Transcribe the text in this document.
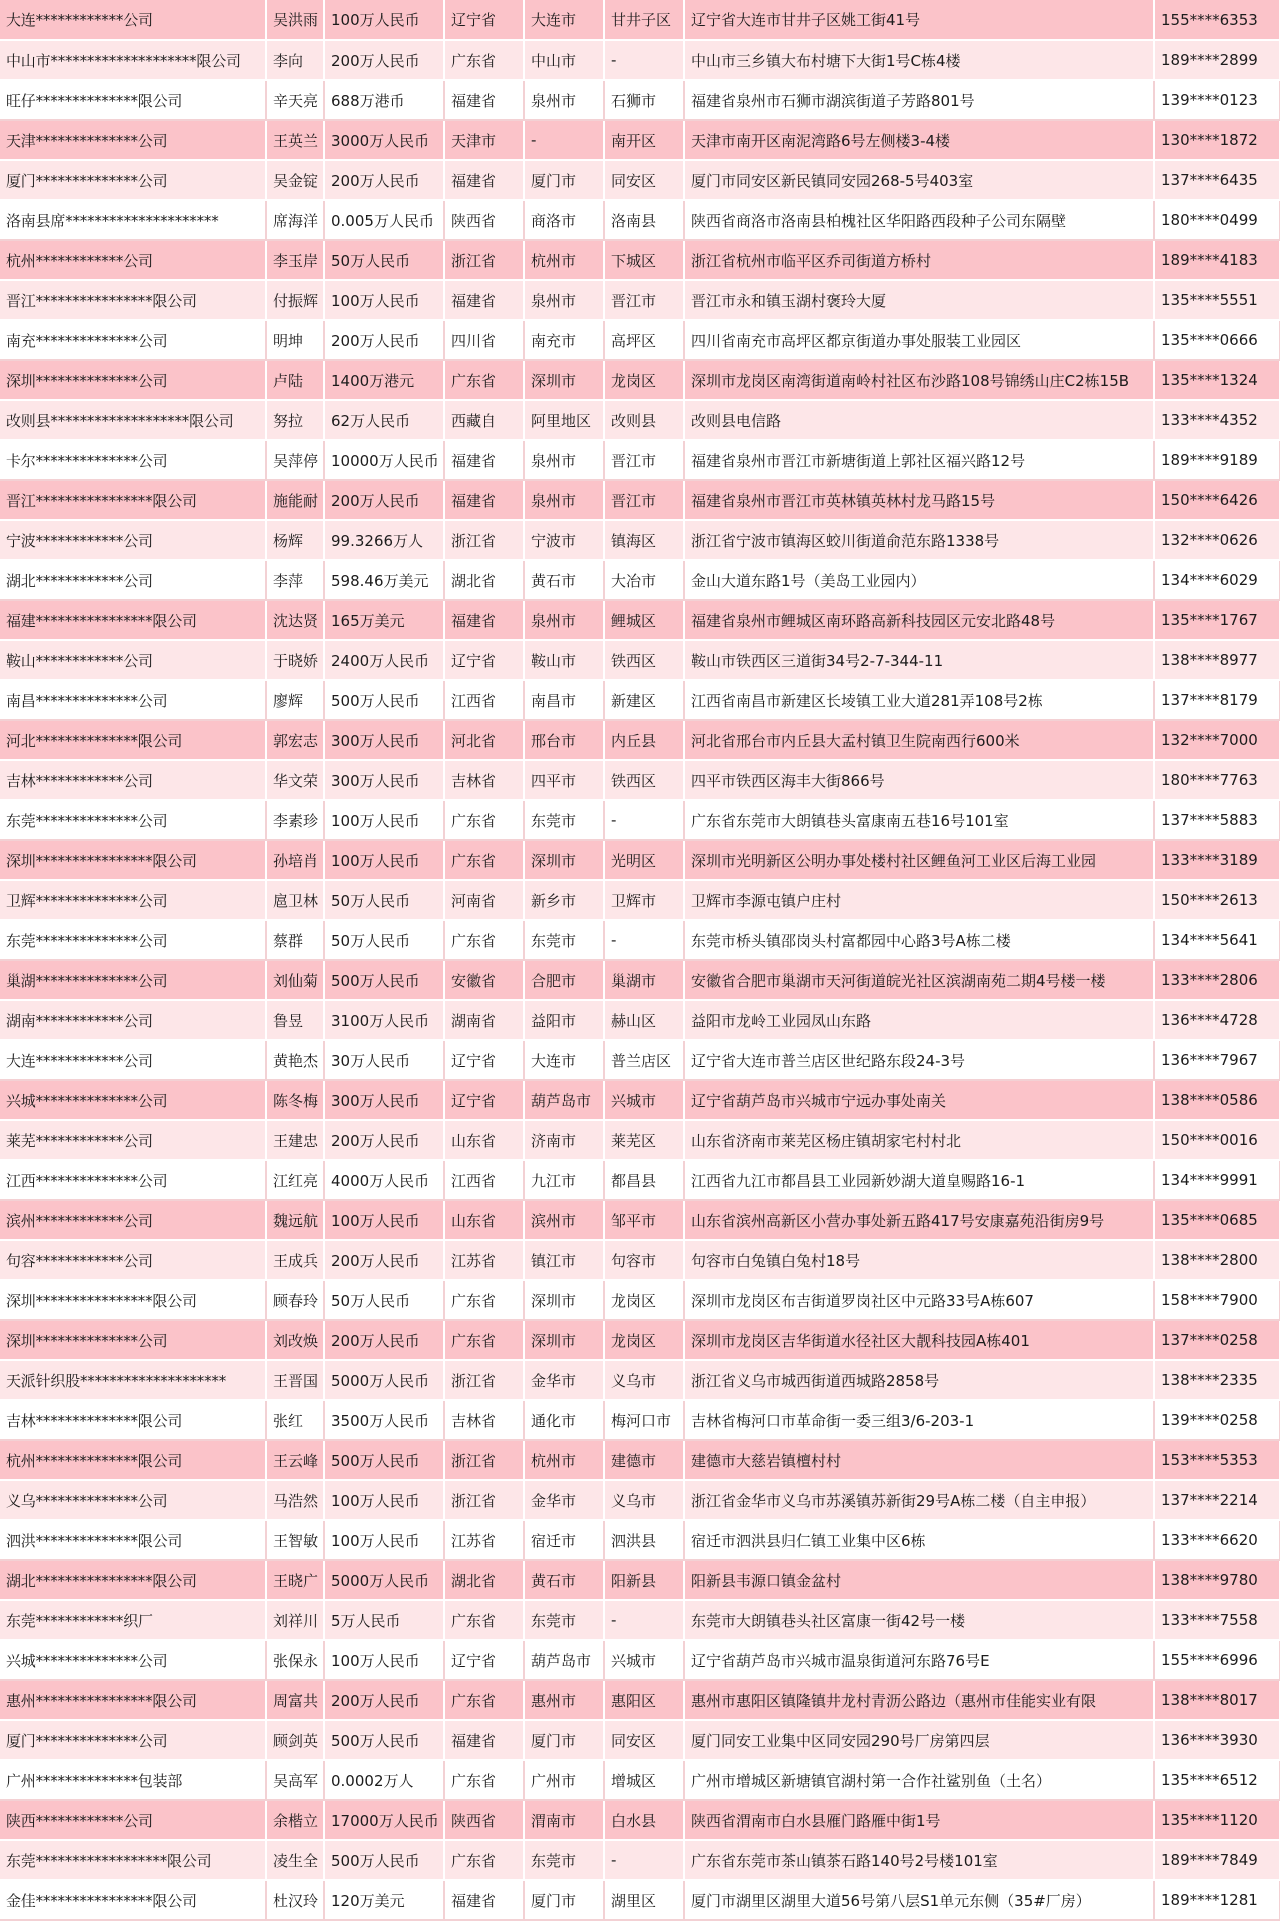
大连************公司	吴洪雨	100万人民币	辽宁省	大连市	甘井子区	辽宁省大连市甘井子区姚工街41号	155****6353
中山市********************限公司	李向	200万人民币	广东省	中山市	-	中山市三乡镇大布村塘下大街1号C栋4楼	189****2899
旺仔**************限公司	辛天亮	688万港币	福建省	泉州市	石狮市	福建省泉州市石狮市湖滨街道子芳路801号	139****0123
天津**************公司	王英兰	3000万人民币	天津市	-	南开区	天津市南开区南泥湾路6号左侧楼3-4楼	130****1872
厦门**************公司	吴金锭	200万人民币	福建省	厦门市	同安区	厦门市同安区新民镇同安园268-5号403室	137****6435
洛南县席*********************	席海洋	0.005万人民币	陕西省	商洛市	洛南县	陕西省商洛市洛南县柏槐社区华阳路西段种子公司东隔壁	180****0499
杭州************公司	李玉岸	50万人民币	浙江省	杭州市	下城区	浙江省杭州市临平区乔司街道方桥村	189****4183
晋江****************限公司	付振辉	100万人民币	福建省	泉州市	晋江市	晋江市永和镇玉湖村褒玲大厦	135****5551
南充**************公司	明坤	200万人民币	四川省	南充市	高坪区	四川省南充市高坪区都京街道办事处服装工业园区	135****0666
深圳**************公司	卢陆	1400万港元	广东省	深圳市	龙岗区	深圳市龙岗区南湾街道南岭村社区布沙路108号锦绣山庄C2栋15B	135****1324
改则县*******************限公司	努拉	62万人民币	西藏自	阿里地区	改则县	改则县电信路	133****4352
卡尔**************公司	吴萍停	10000万人民币	福建省	泉州市	晋江市	福建省泉州市晋江市新塘街道上郭社区福兴路12号	189****9189
晋江****************限公司	施能耐	200万人民币	福建省	泉州市	晋江市	福建省泉州市晋江市英林镇英林村龙马路15号	150****6426
宁波************公司	杨辉	99.3266万人	浙江省	宁波市	镇海区	浙江省宁波市镇海区蛟川街道俞范东路1338号	132****0626
湖北************公司	李萍	598.46万美元	湖北省	黄石市	大冶市	金山大道东路1号（美岛工业园内）	134****6029
福建****************限公司	沈达贤	165万美元	福建省	泉州市	鲤城区	福建省泉州市鲤城区南环路高新科技园区元安北路48号	135****1767
鞍山************公司	于晓娇	2400万人民币	辽宁省	鞍山市	铁西区	鞍山市铁西区三道街34号2-7-344-11	138****8977
南昌**************公司	廖辉	500万人民币	江西省	南昌市	新建区	江西省南昌市新建区长堎镇工业大道281弄108号2栋	137****8179
河北**************限公司	郭宏志	300万人民币	河北省	邢台市	内丘县	河北省邢台市内丘县大孟村镇卫生院南西行600米	132****7000
吉林************公司	华文荣	300万人民币	吉林省	四平市	铁西区	四平市铁西区海丰大街866号	180****7763
东莞**************公司	李素珍	100万人民币	广东省	东莞市	-	广东省东莞市大朗镇巷头富康南五巷16号101室	137****5883
深圳****************限公司	孙培肖	100万人民币	广东省	深圳市	光明区	深圳市光明新区公明办事处楼村社区鲤鱼河工业区后海工业园	133****3189
卫辉**************公司	扈卫林	50万人民币	河南省	新乡市	卫辉市	卫辉市李源屯镇户庄村	150****2613
东莞**************公司	蔡群	50万人民币	广东省	东莞市	-	东莞市桥头镇邵岗头村富都园中心路3号A栋二楼	134****5641
巢湖**************公司	刘仙菊	500万人民币	安徽省	合肥市	巢湖市	安徽省合肥市巢湖市天河街道皖光社区滨湖南苑二期4号楼一楼	133****2806
湖南************公司	鲁昱	3100万人民币	湖南省	益阳市	赫山区	益阳市龙岭工业园凤山东路	136****4728
大连************公司	黄艳杰	30万人民币	辽宁省	大连市	普兰店区	辽宁省大连市普兰店区世纪路东段24-3号	136****7967
兴城**************公司	陈冬梅	300万人民币	辽宁省	葫芦岛市	兴城市	辽宁省葫芦岛市兴城市宁远办事处南关	138****0586
莱芜************公司	王建忠	200万人民币	山东省	济南市	莱芜区	山东省济南市莱芜区杨庄镇胡家宅村村北	150****0016
江西**************公司	江红亮	4000万人民币	江西省	九江市	都昌县	江西省九江市都昌县工业园新妙湖大道皇赐路16-1	134****9991
滨州************公司	魏远航	100万人民币	山东省	滨州市	邹平市	山东省滨州高新区小营办事处新五路417号安康嘉苑沿街房9号	135****0685
句容************公司	王成兵	200万人民币	江苏省	镇江市	句容市	句容市白兔镇白兔村18号	138****2800
深圳****************限公司	顾春玲	50万人民币	广东省	深圳市	龙岗区	深圳市龙岗区布吉街道罗岗社区中元路33号A栋607	158****7900
深圳**************公司	刘改焕	200万人民币	广东省	深圳市	龙岗区	深圳市龙岗区吉华街道水径社区大靓科技园A栋401	137****0258
天派针织股********************	王晋国	5000万人民币	浙江省	金华市	义乌市	浙江省义乌市城西街道西城路2858号	138****2335
吉林**************限公司	张红	3500万人民币	吉林省	通化市	梅河口市	吉林省梅河口市革命街一委三组3/6-203-1	139****0258
杭州**************限公司	王云峰	500万人民币	浙江省	杭州市	建德市	建德市大慈岩镇檀村村	153****5353
义乌**************公司	马浩然	100万人民币	浙江省	金华市	义乌市	浙江省金华市义乌市苏溪镇苏新街29号A栋二楼（自主申报）	137****2214
泗洪**************限公司	王智敏	100万人民币	江苏省	宿迁市	泗洪县	宿迁市泗洪县归仁镇工业集中区6栋	133****6620
湖北****************限公司	王晓广	5000万人民币	湖北省	黄石市	阳新县	阳新县韦源口镇金盆村	138****9780
东莞************织厂	刘祥川	5万人民币	广东省	东莞市	-	东莞市大朗镇巷头社区富康一街42号一楼	133****7558
兴城**************公司	张保永	100万人民币	辽宁省	葫芦岛市	兴城市	辽宁省葫芦岛市兴城市温泉街道河东路76号E	155****6996
惠州****************限公司	周富共	200万人民币	广东省	惠州市	惠阳区	惠州市惠阳区镇隆镇井龙村青沥公路边（惠州市佳能实业有限	138****8017
厦门**************公司	顾剑英	500万人民币	福建省	厦门市	同安区	厦门同安工业集中区同安园290号厂房第四层	136****3930
广州**************包装部	吴高军	0.0002万人	广东省	广州市	增城区	广州市增城区新塘镇官湖村第一合作社鲨别鱼（土名）	135****6512
陕西************公司	余楷立	17000万人民币	陕西省	渭南市	白水县	陕西省渭南市白水县雁门路雁中街1号	135****1120
东莞******************限公司	凌生全	500万人民币	广东省	东莞市	-	广东省东莞市茶山镇茶石路140号2号楼101室	189****7849
金佳****************限公司	杜汉玲	120万美元	福建省	厦门市	湖里区	厦门市湖里区湖里大道56号第八层S1单元东侧（35#厂房）	189****1281
